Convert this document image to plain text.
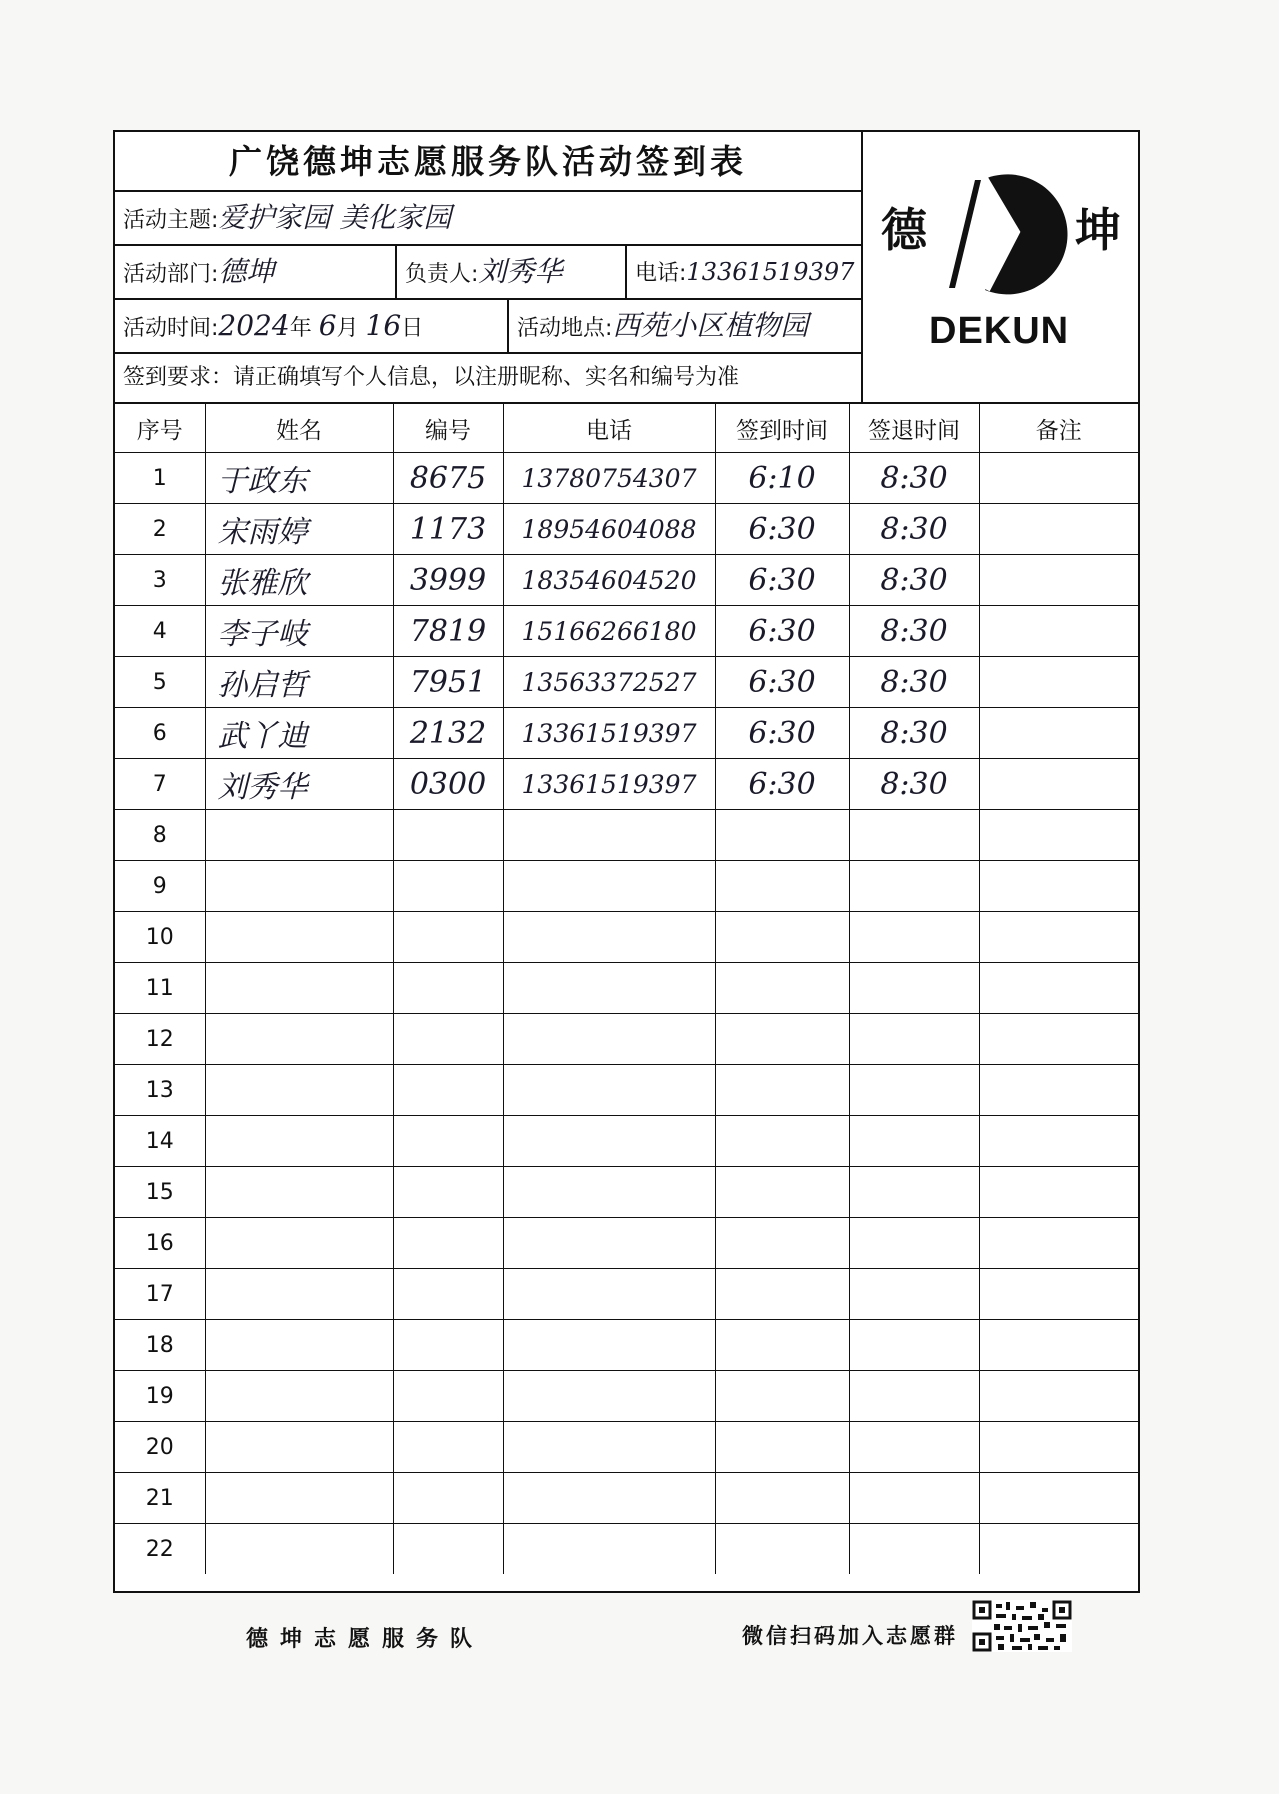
广饶德坤志愿服务队活动签到表
活动主题:爱护家园 美化家园
活动部门:德坤	负责人:刘秀华	电话:13361519397
活动时间:2024年 6月 16日	活动地点:西苑小区植物园
签到要求：请正确填写个人信息，以注册昵称、实名和编号为准
德	坤
DEKUN
序号	姓名	编号	电话	签到时间	签退时间	备注
1	于政东	8675	13780754307	6:10	8:30	
2	宋雨婷	1173	18954604088	6:30	8:30	
3	张雅欣	3999	18354604520	6:30	8:30	
4	李子岐	7819	15166266180	6:30	8:30	
5	孙启哲	7951	13563372527	6:30	8:30	
6	武丫迪	2132	13361519397	6:30	8:30	
7	刘秀华	0300	13361519397	6:30	8:30	
8						
9						
10						
11						
12						
13						
14						
15						
16						
17						
18						
19						
20						
21						
22						
德坤志愿服务队	微信扫码加入志愿群
